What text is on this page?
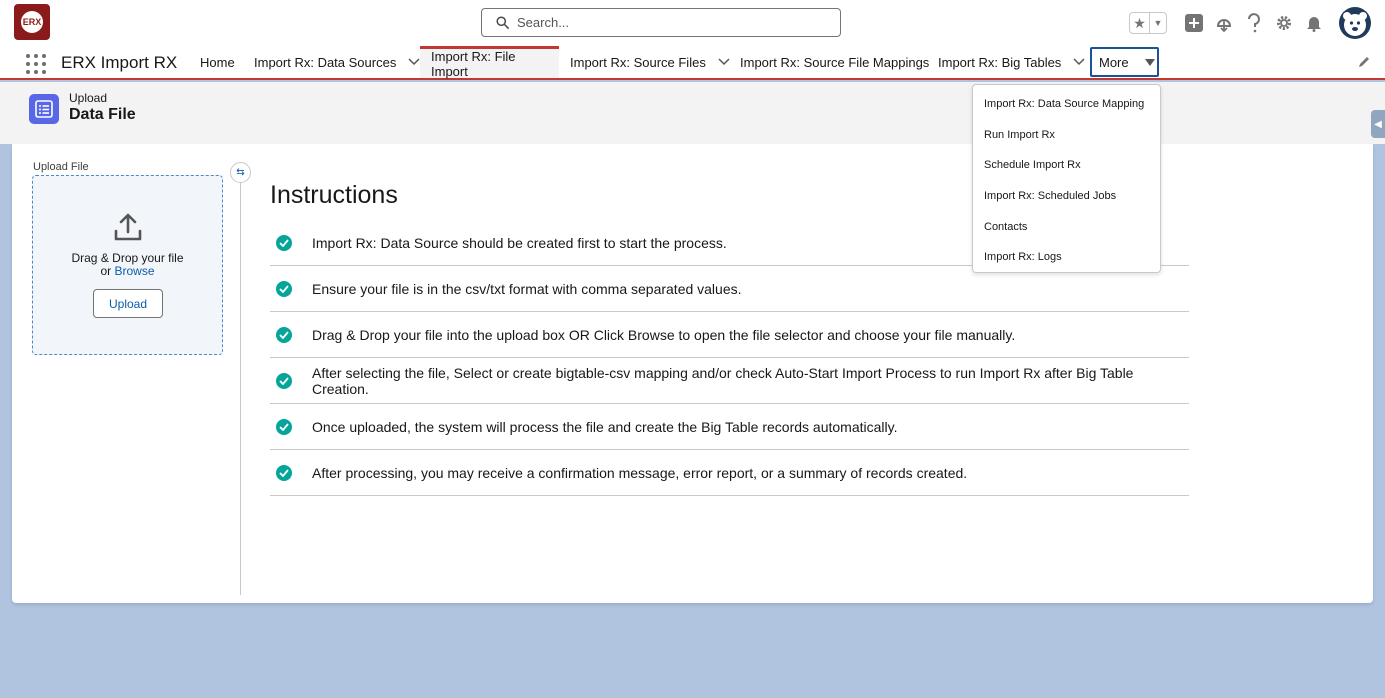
ERX
Search...	★ ▼
ERX Import RX Home Import Rx: Data Sources	Import Rx: File Import
Import Rx: Source Files	Import Rx: Source File Mappings Import Rx: Big Tables	More
Upload
Data File
◀
Upload File
Drag & Drop your file
or Browse
Upload
⇆
Instructions
Import Rx: Data Source should be created first to start the process.
Ensure your file is in the csv/txt format with comma separated values.
Drag & Drop your file into the upload box OR Click Browse to open the file selector and choose your file manually.
After selecting the file, Select or create bigtable-csv mapping and/or check Auto-Start Import Process to run Import Rx after Big Table Creation.
Once uploaded, the system will process the file and create the Big Table records automatically.
After processing, you may receive a confirmation message, error report, or a summary of records created.
Import Rx: Data Source Mapping
Run Import Rx
Schedule Import Rx
Import Rx: Scheduled Jobs
Contacts
Import Rx: Logs
